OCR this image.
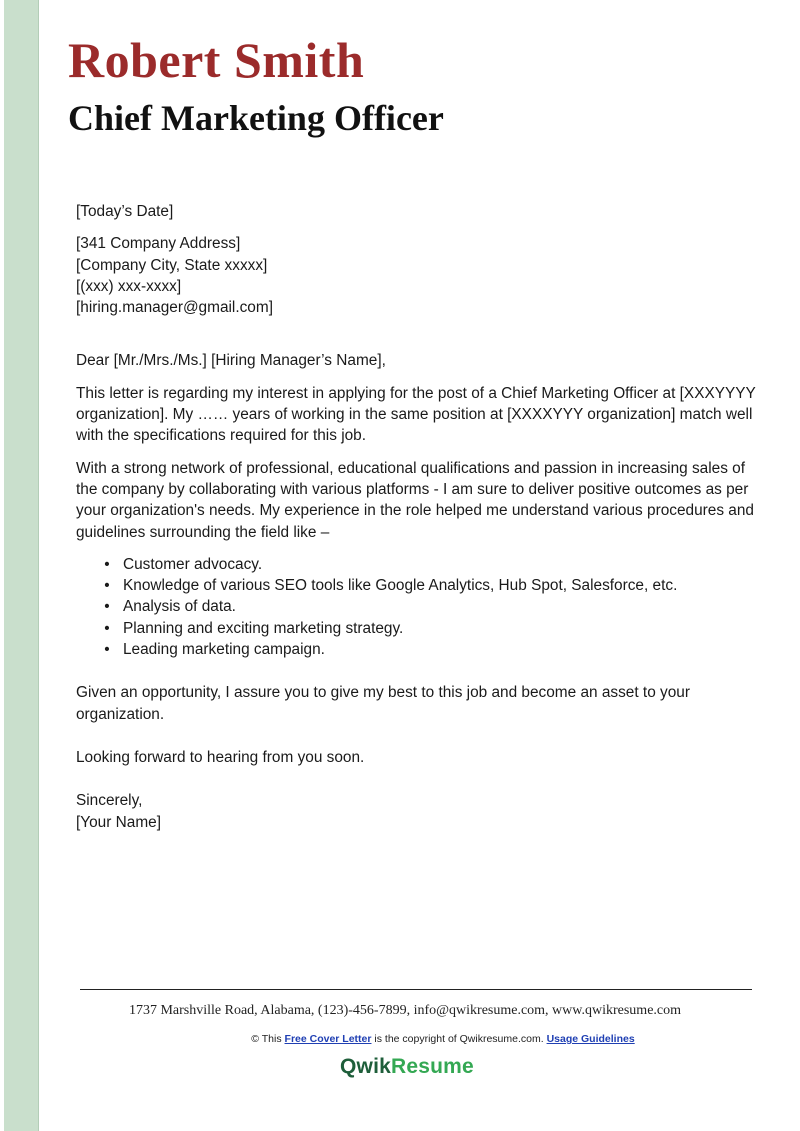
Robert Smith
Chief Marketing Officer

[Today’s Date]

[341 Company Address]

[Company City, State xxxxx]

[(xxx) xxx-xxxx]

[hiring.manager@gmail.com]

Dear [Mr./Mrs./Ms.] [Hiring Manager’s Name],

This letter is regarding my interest in applying for the post of a Chief Marketing Officer at [XXXYYYY organization]. My …… years of working in the same position at [XXXXYYY organization] match well with the specifications required for this job.

With a strong network of professional, educational qualifications and passion in increasing sales of the company by collaborating with various platforms - I am sure to deliver positive outcomes as per your organization's needs. My experience in the role helped me understand various procedures and guidelines surrounding the field like –

• Customer advocacy.
• Knowledge of various SEO tools like Google Analytics, Hub Spot, Salesforce, etc.
• Analysis of data.
• Planning and exciting marketing strategy.
• Leading marketing campaign.

Given an opportunity, I assure you to give my best to this job and become an asset to your organization.

Looking forward to hearing from you soon.

Sincerely,

[Your Name]

1737 Marshville Road, Alabama, (123)-456-7899, info@qwikresume.com, www.qwikresume.com
© This Free Cover Letter is the copyright of Qwikresume.com. Usage Guidelines
QwikResume
